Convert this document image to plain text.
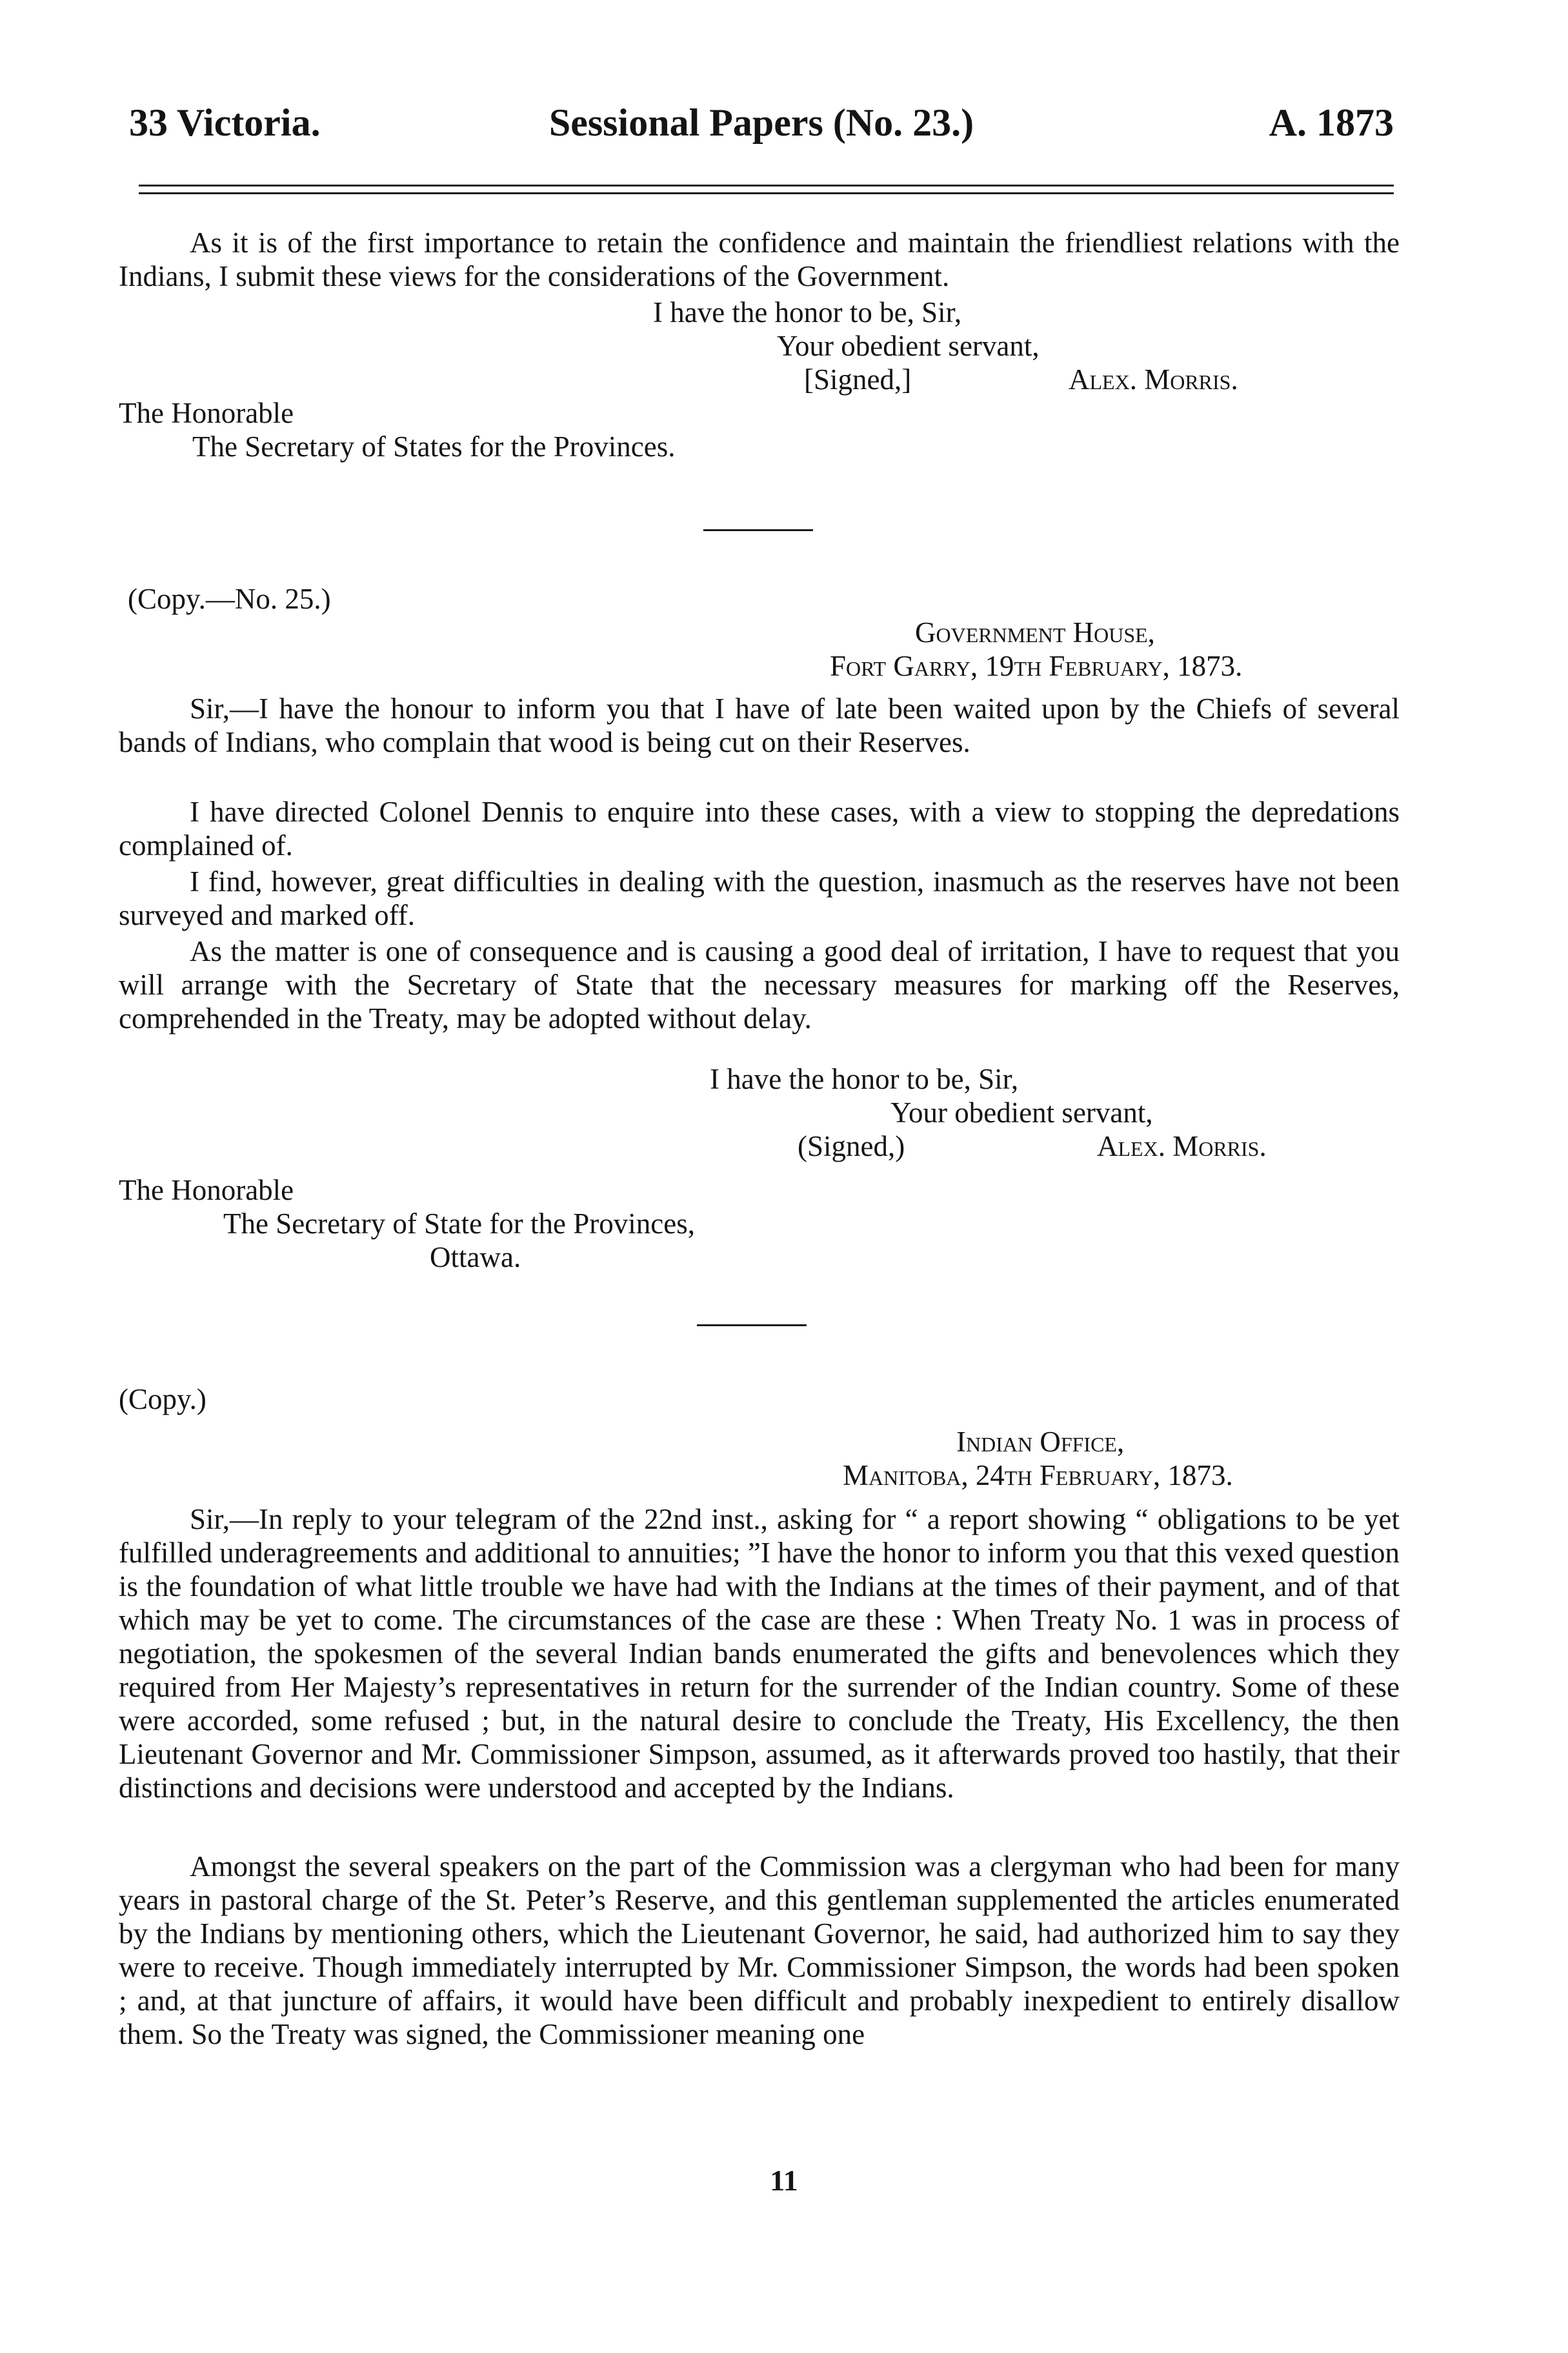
33 Victoria.	Sessional Papers (No. 23.)	A. 1873
As it is of the first importance to retain the confidence and maintain the friendliest relations with the Indians, I submit these views for the considerations of the Government.
I have the honor to be, Sir,
Your obedient servant,
[Signed,]	Alex. Morris.
The Honorable
The Secretary of States for the Provinces.
(Copy.—No. 25.)
Government House,
Fort Garry, 19th February, 1873.
Sir,—I have the honour to inform you that I have of late been waited upon by the Chiefs of several bands of Indians, who complain that wood is being cut on their Reserves.
I have directed Colonel Dennis to enquire into these cases, with a view to stopping the depredations complained of.
I find, however, great difficulties in dealing with the question, inasmuch as the reserves have not been surveyed and marked off.
As the matter is one of consequence and is causing a good deal of irritation, I have to request that you will arrange with the Secretary of State that the necessary measures for marking off the Reserves, comprehended in the Treaty, may be adopted without delay.
I have the honor to be, Sir,
Your obedient servant,
(Signed,)	Alex. Morris.
The Honorable
The Secretary of State for the Provinces,
Ottawa.
(Copy.)
Indian Office,
Manitoba, 24th February, 1873.
Sir,—In reply to your telegram of the 22nd inst., asking for “ a report showing “ obligations to be yet fulfilled underagreements and additional to annuities; ”I have the honor to inform you that this vexed question is the foundation of what little trouble we have had with the Indians at the times of their payment, and of that which may be yet to come. The circumstances of the case are these : When Treaty No. 1 was in process of negotiation, the spokesmen of the several Indian bands enumerated the gifts and benevolences which they required from Her Majesty’s representatives in return for the surrender of the Indian country. Some of these were accorded, some refused ; but, in the natural desire to conclude the Treaty, His Excellency, the then Lieutenant Governor and Mr. Commissioner Simpson, assumed, as it afterwards proved too hastily, that their distinctions and decisions were understood and accepted by the Indians.
Amongst the several speakers on the part of the Commission was a clergyman who had been for many years in pastoral charge of the St. Peter’s Reserve, and this gentleman supplemented the articles enumerated by the Indians by mentioning others, which the Lieutenant Governor, he said, had authorized him to say they were to receive. Though immediately interrupted by Mr. Commissioner Simpson, the words had been spoken ; and, at that juncture of affairs, it would have been difficult and probably inexpedient to entirely disallow them. So the Treaty was signed, the Commissioner meaning one
11
